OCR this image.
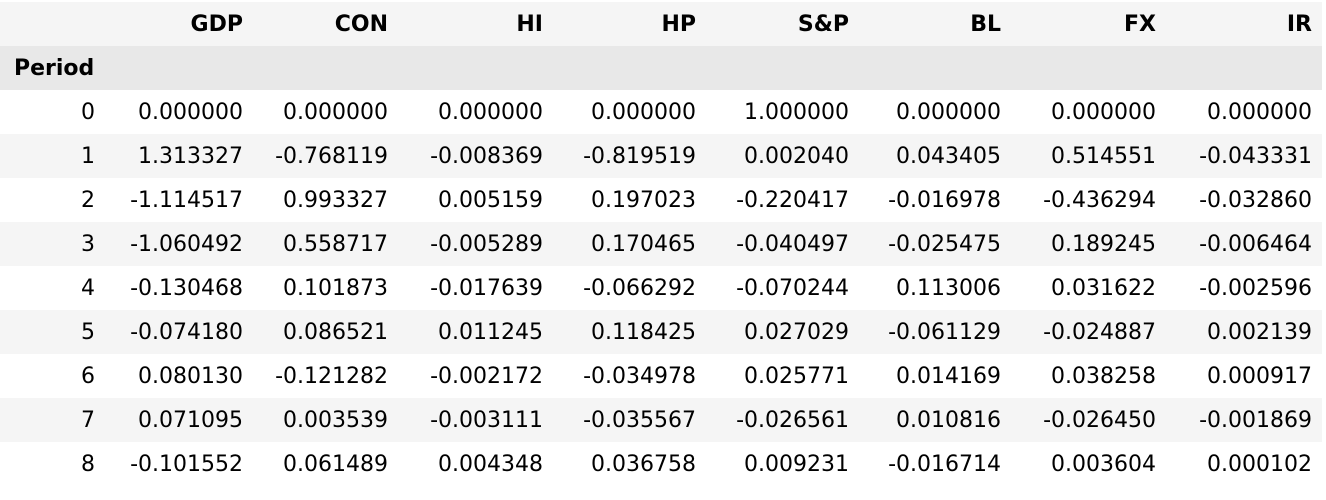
	GDP	CON	HI	HP	S&P	BL	FX	IR
Period								
0	0.000000	0.000000	0.000000	0.000000	1.000000	0.000000	0.000000	0.000000
1	1.313327	-0.768119	-0.008369	-0.819519	0.002040	0.043405	0.514551	-0.043331
2	-1.114517	0.993327	0.005159	0.197023	-0.220417	-0.016978	-0.436294	-0.032860
3	-1.060492	0.558717	-0.005289	0.170465	-0.040497	-0.025475	0.189245	-0.006464
4	-0.130468	0.101873	-0.017639	-0.066292	-0.070244	0.113006	0.031622	-0.002596
5	-0.074180	0.086521	0.011245	0.118425	0.027029	-0.061129	-0.024887	0.002139
6	0.080130	-0.121282	-0.002172	-0.034978	0.025771	0.014169	0.038258	0.000917
7	0.071095	0.003539	-0.003111	-0.035567	-0.026561	0.010816	-0.026450	-0.001869
8	-0.101552	0.061489	0.004348	0.036758	0.009231	-0.016714	0.003604	0.000102
